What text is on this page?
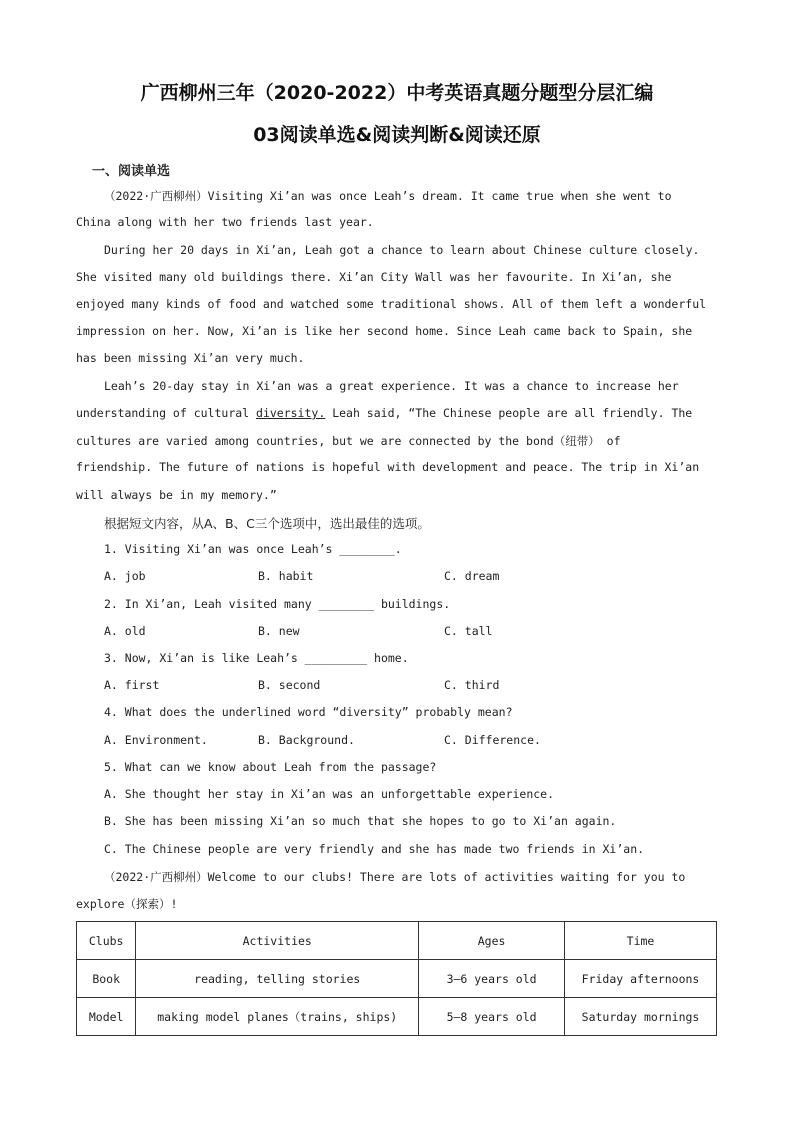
广西柳州三年（2020-2022）中考英语真题分题型分层汇编
03阅读单选&阅读判断&阅读还原
一、阅读单选
（2022·广西柳州）Visiting Xi’an was once Leah’s dream. It came true when she went to
China along with her two friends last year.
During her 20 days in Xi’an, Leah got a chance to learn about Chinese culture closely.
She visited many old buildings there. Xi’an City Wall was her favourite. In Xi’an, she
enjoyed many kinds of food and watched some traditional shows. All of them left a wonderful
impression on her. Now, Xi’an is like her second home. Since Leah came back to Spain, she
has been missing Xi’an very much.
Leah’s 20-day stay in Xi’an was a great experience. It was a chance to increase her
understanding of cultural diversity. Leah said, “The Chinese people are all friendly. The
cultures are varied among countries, but we are connected by the bond（纽带） of
friendship. The future of nations is hopeful with development and peace. The trip in Xi’an
will always be in my memory.”
根据短文内容，从A、B、C三个选项中，选出最佳的选项。
1. Visiting Xi’an was once Leah’s ________.
A. job	B. habit	C. dream
2. In Xi’an, Leah visited many ________ buildings.
A. old	B. new	C. tall
3. Now, Xi’an is like Leah’s _________ home.
A. first	B. second	C. third
4. What does the underlined word “diversity” probably mean?
A. Environment.	B. Background.	C. Difference.
5. What can we know about Leah from the passage?
A. She thought her stay in Xi’an was an unforgettable experience.
B. She has been missing Xi’an so much that she hopes to go to Xi’an again.
C. The Chinese people are very friendly and she has made two friends in Xi’an.
（2022·广西柳州）Welcome to our clubs! There are lots of activities waiting for you to
explore（探索）!
Clubs	Activities	Ages	Time
Book	reading, telling stories	3—6 years old	Friday afternoons
Model	making model planes（trains, ships)	5—8 years old	Saturday mornings
